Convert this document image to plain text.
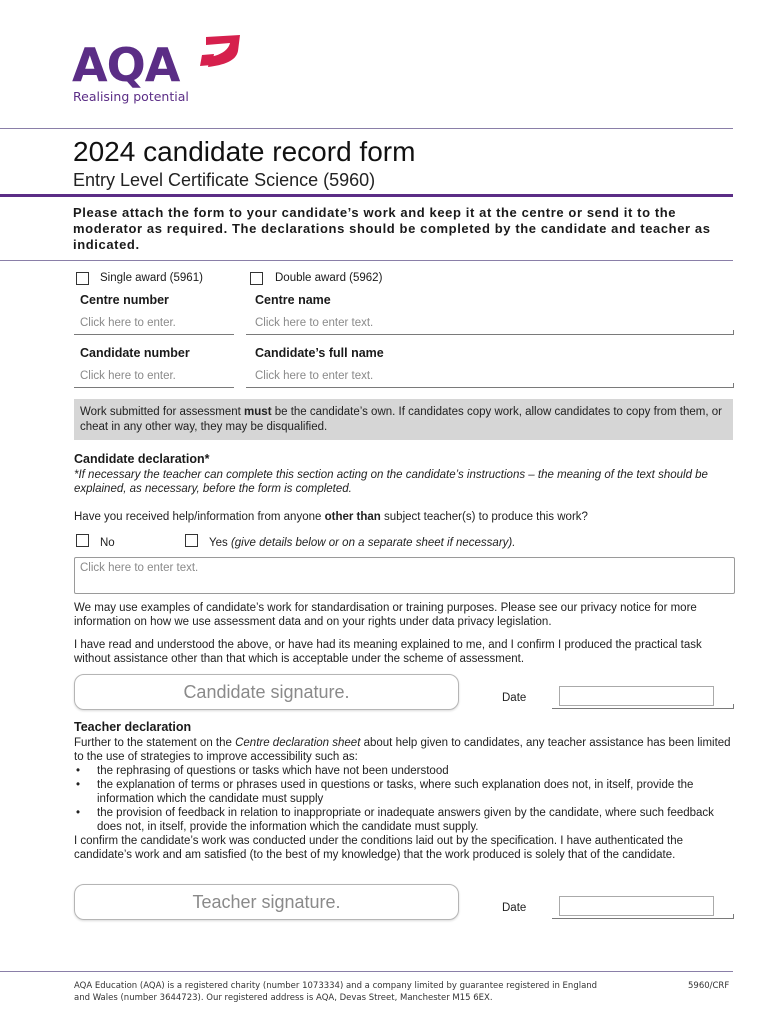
AQA
Realising potential
2024 candidate record form
Entry Level Certificate Science (5960)
Please attach the form to your candidate’s work and keep it at the centre or send it to the moderator as required. The declarations should be completed by the candidate and teacher as indicated.
Single award (5961)	Double award (5962)
Centre number	Centre name
Click here to enter.	Click here to enter text.
Candidate number	Candidate’s full name
Click here to enter.	Click here to enter text.
Work submitted for assessment must be the candidate’s own. If candidates copy work, allow candidates to copy from them, or cheat in any other way, they may be disqualified.
Candidate declaration*
*If necessary the teacher can complete this section acting on the candidate’s instructions – the meaning of the text should be explained, as necessary, before the form is completed.
Have you received help/information from anyone other than subject teacher(s) to produce this work?
No	Yes (give details below or on a separate sheet if necessary).
Click here to enter text.
We may use examples of candidate’s work for standardisation or training purposes. Please see our privacy notice for more information on how we use assessment data and on your rights under data privacy legislation.
I have read and understood the above, or have had its meaning explained to me, and I confirm I produced the practical task without assistance other than that which is acceptable under the scheme of assessment.
Candidate signature.	Date
Teacher declaration
Further to the statement on the Centre declaration sheet about help given to candidates, any teacher assistance has been limited to the use of strategies to improve accessibility such as:
• the rephrasing of questions or tasks which have not been understood
• the explanation of terms or phrases used in questions or tasks, where such explanation does not, in itself, provide the information which the candidate must supply
• the provision of feedback in relation to inappropriate or inadequate answers given by the candidate, where such feedback does not, in itself, provide the information which the candidate must supply.
I confirm the candidate’s work was conducted under the conditions laid out by the specification. I have authenticated the candidate’s work and am satisfied (to the best of my knowledge) that the work produced is solely that of the candidate.
Teacher signature.	Date
AQA Education (AQA) is a registered charity (number 1073334) and a company limited by guarantee registered in England and Wales (number 3644723). Our registered address is AQA, Devas Street, Manchester M15 6EX.
5960/CRF
